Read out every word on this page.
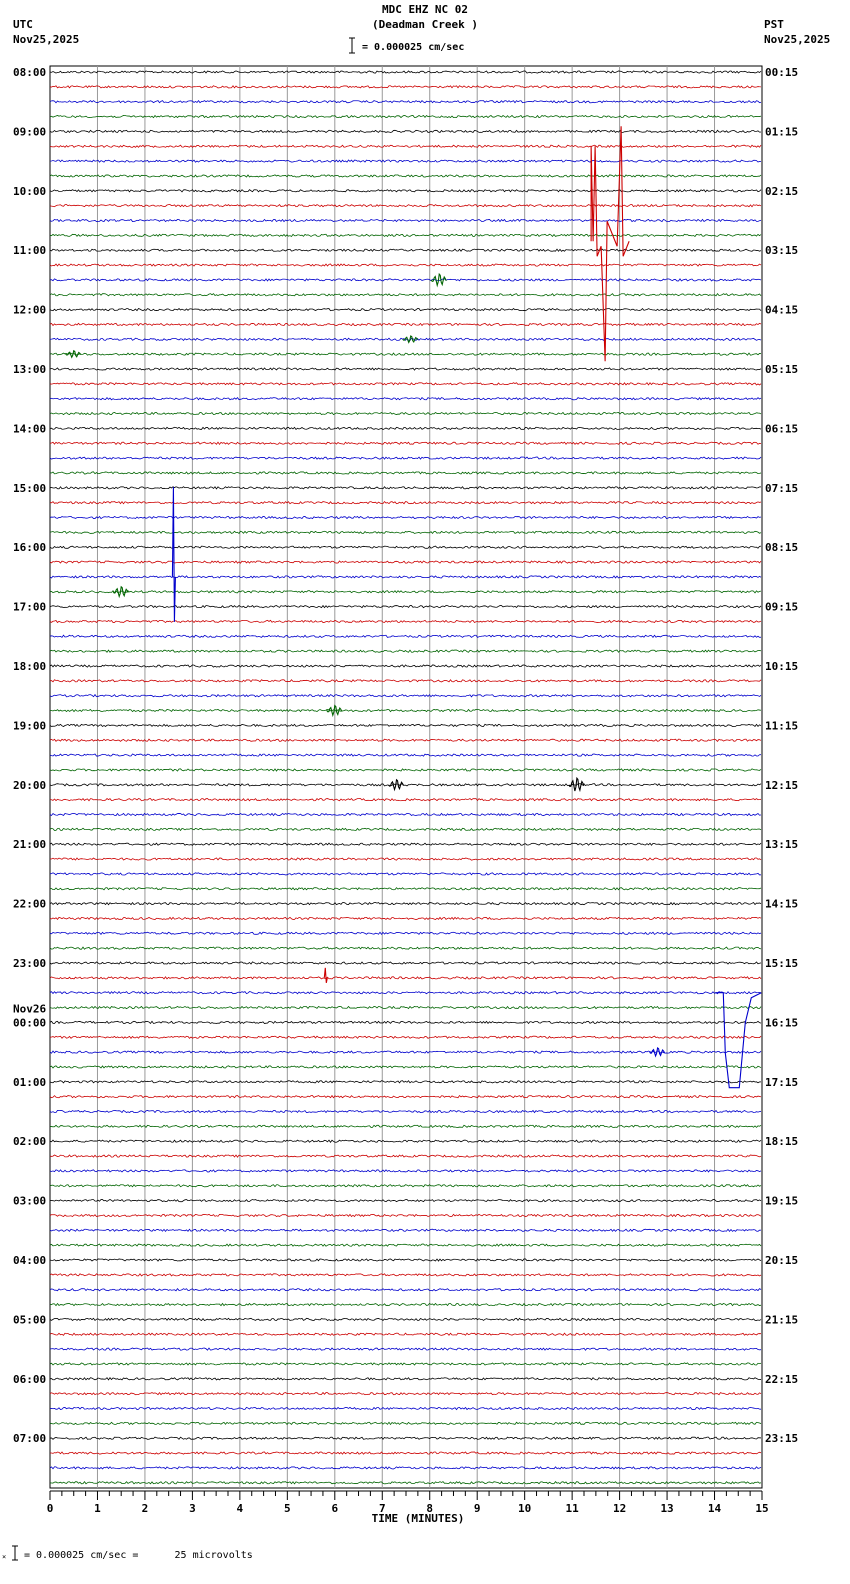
MDC EHZ NC 02
(Deadman Creek )
= 0.000025 cm/sec
UTC
Nov25,2025
PST
Nov25,2025
= 0.000025 cm/sec =      25 microvolts
×
0	1	2	3	4	5	6	7	8	9	10	11	12	13	14	15
TIME (MINUTES)
08:00
09:00
10:00
11:00
12:00
13:00
14:00
15:00
16:00
17:00
18:00
19:00
20:00
21:00
22:00
23:00
00:00
Nov26
01:00
02:00
03:00
04:00
05:00
06:00
07:00
00:15
01:15
02:15
03:15
04:15
05:15
06:15
07:15
08:15
09:15
10:15
11:15
12:15
13:15
14:15
15:15
16:15
17:15
18:15
19:15
20:15
21:15
22:15
23:15
